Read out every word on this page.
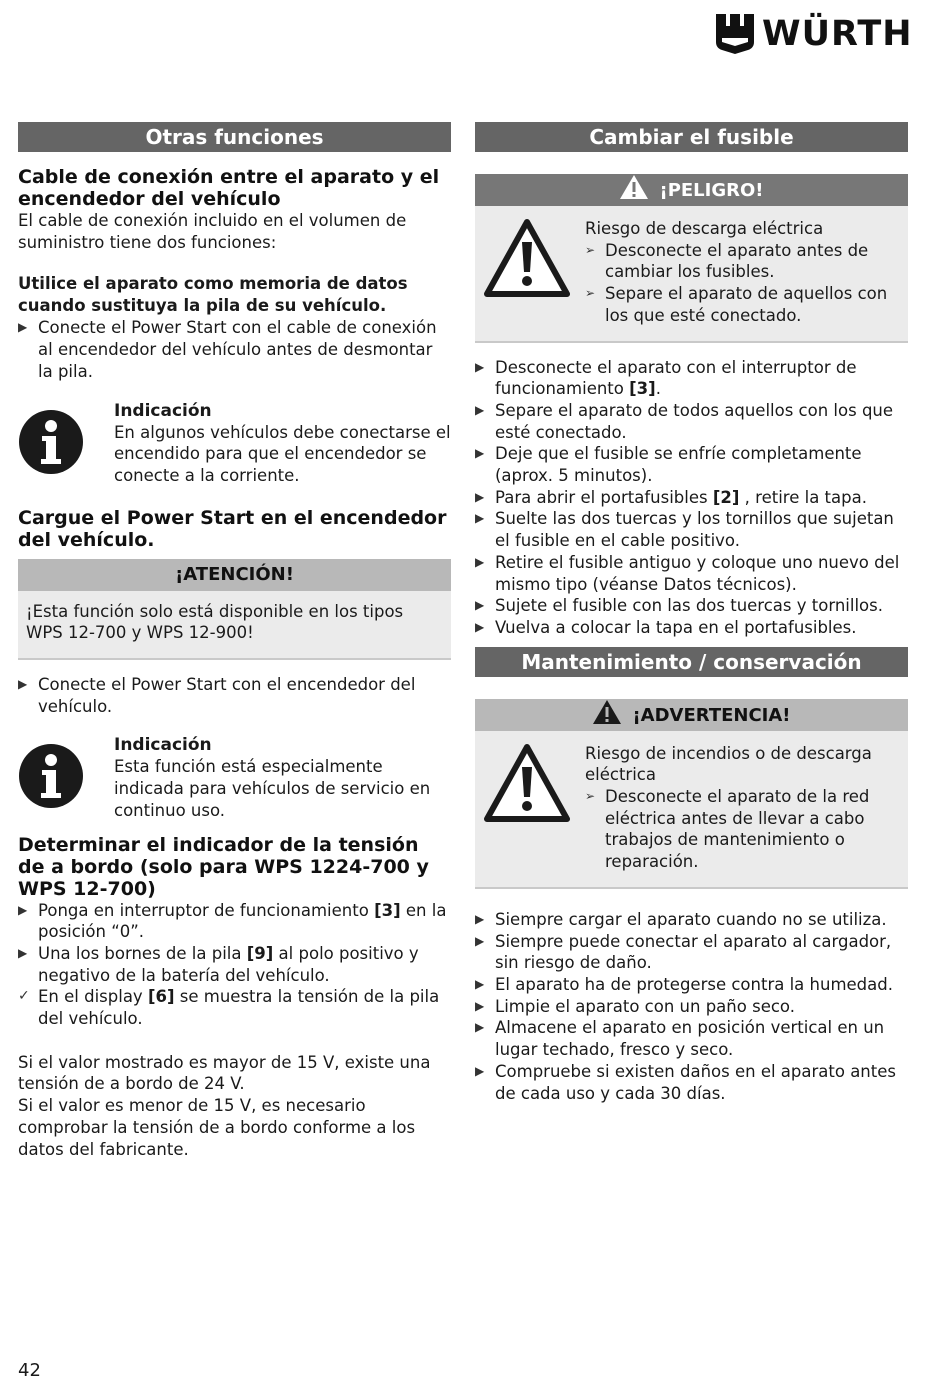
WÜRTH
Otras funciones
Cable de conexión entre el aparato y el encendedor del vehículo

El cable de conexión incluido en el volumen de suministro tiene dos funciones:

Utilice el aparato como memoria de datos cuando sustituya la pila de su vehículo.
▶ Conecte el Power Start con el cable de conexión al encendedor del vehículo antes de desmontar la pila.
Indicación

En algunos vehículos debe conectarse el encendido para que el encendedor se conecte a la corriente.

Cargue el Power Start en el encendedor del vehículo.
¡ATENCIÓN!

¡Esta función solo está disponible en los tipos WPS 12-700 y WPS 12-900!

▶ Conecte el Power Start con el encendedor del vehículo.
Indicación

Esta función está especialmente indicada para vehículos de servicio en continuo uso.

Determinar el indicador de la tensión de a bordo (solo para WPS 1224-700 y WPS 12-700)
▶ Ponga en interruptor de funcionamiento [3] en la posición “0”.
▶ Una los bornes de la pila [9] al polo positivo y negativo de la batería del vehículo.
✓ En el display [6] se muestra la tensión de la pila del vehículo.

Si el valor mostrado es mayor de 15 V, existe una tensión de a bordo de 24 V.

Si el valor es menor de 15 V, es necesario comprobar la tensión de a bordo conforme a los datos del fabricante.

Cambiar el fusible
¡PELIGRO!

Riesgo de descarga eléctrica

➢ Desconecte el aparato antes de cambiar los fusibles.
➢ Separe el aparato de aquellos con los que esté conectado.
▶ Desconecte el aparato con el interruptor de funcionamiento [3].
▶ Separe el aparato de todos aquellos con los que esté conectado.
▶ Deje que el fusible se enfríe completamente (aprox. 5 minutos).
▶ Para abrir el portafusibles [2] , retire la tapa.
▶ Suelte las dos tuercas y los tornillos que sujetan el fusible en el cable positivo.
▶ Retire el fusible antiguo y coloque uno nuevo del mismo tipo (véanse Datos técnicos).
▶ Sujete el fusible con las dos tuercas y tornillos.
▶ Vuelva a colocar la tapa en el portafusibles.
Mantenimiento / conservación
¡ADVERTENCIA!

Riesgo de incendios o de descarga eléctrica

➢ Desconecte el aparato de la red eléctrica antes de llevar a cabo trabajos de mantenimiento o reparación.
▶ Siempre cargar el aparato cuando no se utiliza.
▶ Siempre puede conectar el aparato al cargador, sin riesgo de daño.
▶ El aparato ha de protegerse contra la humedad.
▶ Limpie el aparato con un paño seco.
▶ Almacene el aparato en posición vertical en un lugar techado, fresco y seco.
▶ Compruebe si existen daños en el aparato antes de cada uso y cada 30 días.
42
